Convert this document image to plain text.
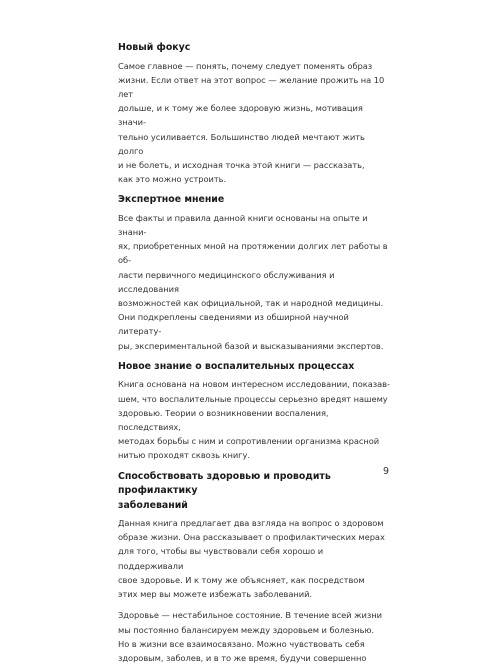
Новый фокус

Самое главное — понять, почему следует поменять образ
жизни. Если ответ на этот вопрос — желание прожить на 10 лет
дольше, и к тому же более здоровую жизнь, мотивация значи-
тельно усиливается. Большинство людей мечтают жить долго
и не болеть, и исходная точка этой книги — рассказать,
как это можно устроить.

Экспертное мнение

Все факты и правила данной книги основаны на опыте и знани-
ях, приобретенных мной на протяжении долгих лет работы в об-
ласти первичного медицинского обслуживания и исследования
возможностей как официальной, так и народной медицины.
Они подкреплены сведениями из обширной научной литерату-
ры, экспериментальной базой и высказываниями экспертов.

Новое знание о воспалительных процессах

Книга основана на новом интересном исследовании, показав-
шем, что воспалительные процессы серьезно вредят нашему
здоровью. Теории о возникновении воспаления, последствиях,
методах борьбы с ним и сопротивлении организма красной
нитью проходят сквозь книгу.

Способствовать здоровью и проводить профилактику
заболеваний

Данная книга предлагает два взгляда на вопрос о здоровом
образе жизни. Она рассказывает о профилактических мерах
для того, чтобы вы чувствовали себя хорошо и поддерживали
свое здоровье. И к тому же объясняет, как посредством
этих мер вы можете избежать заболеваний.

Здоровье — нестабильное состояние. В течение всей жизни
мы постоянно балансируем между здоровьем и болезнью.
Но в жизни все взаимосвязано. Можно чувствовать себя
здоровым, заболев, и в то же время, будучи совершенно

9
